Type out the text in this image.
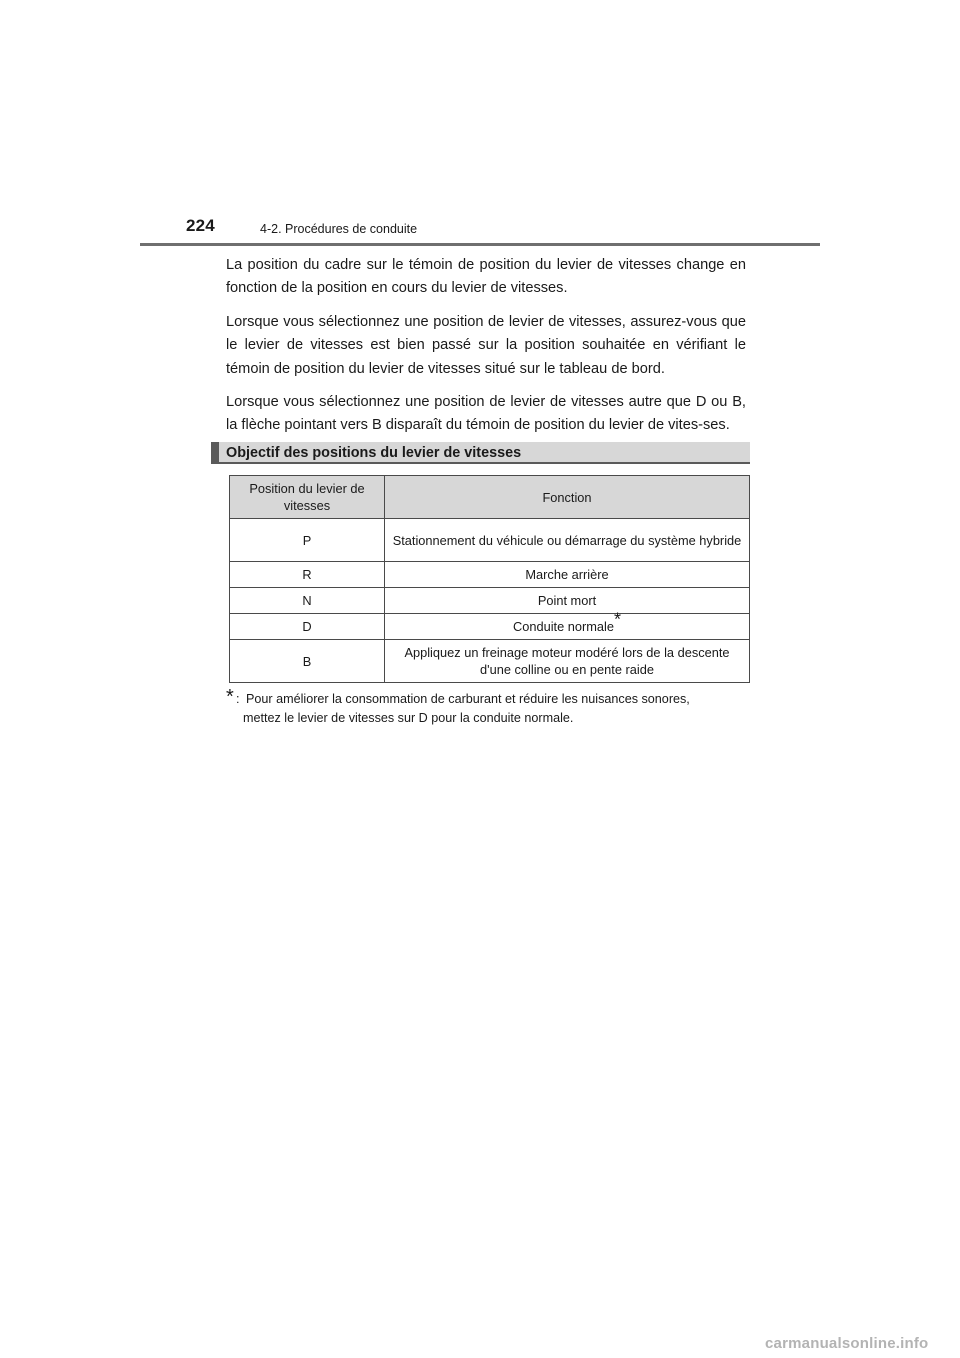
224	4-2. Procédures de conduite

La position du cadre sur le témoin de position du levier de vitesses change en fonction de la position en cours du levier de vitesses.

Lorsque vous sélectionnez une position de levier de vitesses, assurez-vous que le levier de vitesses est bien passé sur la position souhaitée en vérifiant le témoin de position du levier de vitesses situé sur le tableau de bord.

Lorsque vous sélectionnez une position de levier de vitesses autre que D ou B, la flèche pointant vers B disparaît du témoin de position du levier de vites-ses.

Objectif des positions du levier de vitesses
Position du levier de vitesses	Fonction
P	Stationnement du véhicule ou démarrage du système hybride
R	Marche arrière
N	Point mort
D	Conduite normale*
B	Appliquez un freinage moteur modéré lors de la descente d'une colline ou en pente raide
* : Pour améliorer la consommation de carburant et réduire les nuisances sonores,
mettez le levier de vitesses sur D pour la conduite normale.
carmanualsonline.info
